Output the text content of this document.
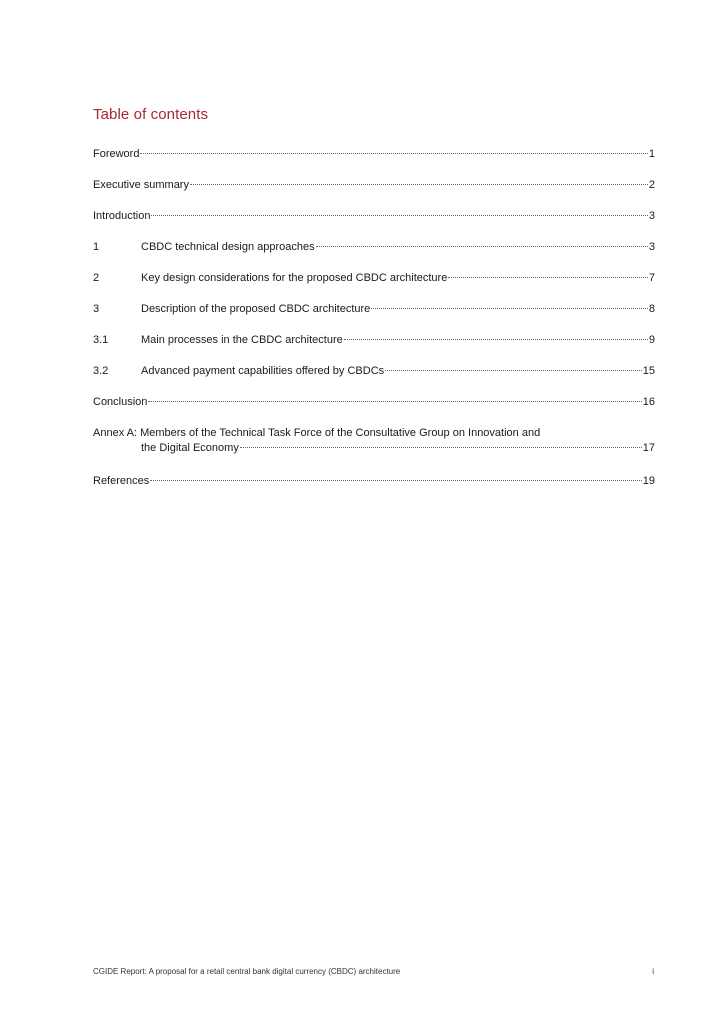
Table of contents
Foreword	1
Executive summary	2
Introduction	3
1	CBDC technical design approaches	3
2	Key design considerations for the proposed CBDC architecture	7
3	Description of the proposed CBDC architecture	8
3.1	Main processes in the CBDC architecture	9
3.2	Advanced payment capabilities offered by CBDCs	15
Conclusion	16
Annex A: Members of the Technical Task Force of the Consultative Group on Innovation and
the Digital Economy	17
References	19
CGIDE Report: A proposal for a retail central bank digital currency (CBDC) architecture	i
